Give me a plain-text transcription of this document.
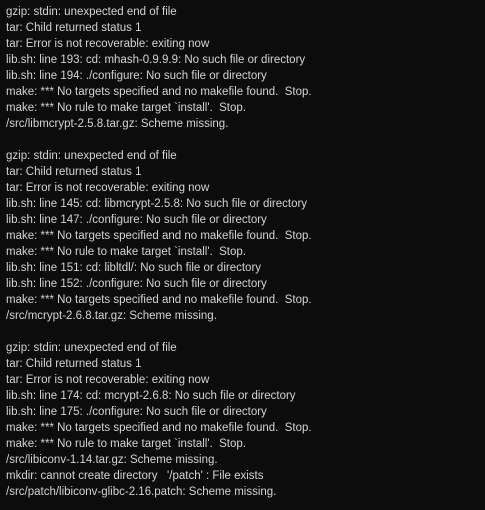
gzip: stdin: unexpected end of file
tar: Child returned status 1
tar: Error is not recoverable: exiting now
lib.sh: line 193: cd: mhash-0.9.9.9: No such file or directory
lib.sh: line 194: ./configure: No such file or directory
make: *** No targets specified and no makefile found.  Stop.
make: *** No rule to make target `install'.  Stop.
/src/libmcrypt-2.5.8.tar.gz: Scheme missing.
gzip: stdin: unexpected end of file
tar: Child returned status 1
tar: Error is not recoverable: exiting now
lib.sh: line 145: cd: libmcrypt-2.5.8: No such file or directory
lib.sh: line 147: ./configure: No such file or directory
make: *** No targets specified and no makefile found.  Stop.
make: *** No rule to make target `install'.  Stop.
lib.sh: line 151: cd: libltdl/: No such file or directory
lib.sh: line 152: ./configure: No such file or directory
make: *** No targets specified and no makefile found.  Stop.
/src/mcrypt-2.6.8.tar.gz: Scheme missing.
gzip: stdin: unexpected end of file
tar: Child returned status 1
tar: Error is not recoverable: exiting now
lib.sh: line 174: cd: mcrypt-2.6.8: No such file or directory
lib.sh: line 175: ./configure: No such file or directory
make: *** No targets specified and no makefile found.  Stop.
make: *** No rule to make target `install'.  Stop.
/src/libiconv-1.14.tar.gz: Scheme missing.
mkdir: cannot create directory   '/patch' : File exists
/src/patch/libiconv-glibc-2.16.patch: Scheme missing.
